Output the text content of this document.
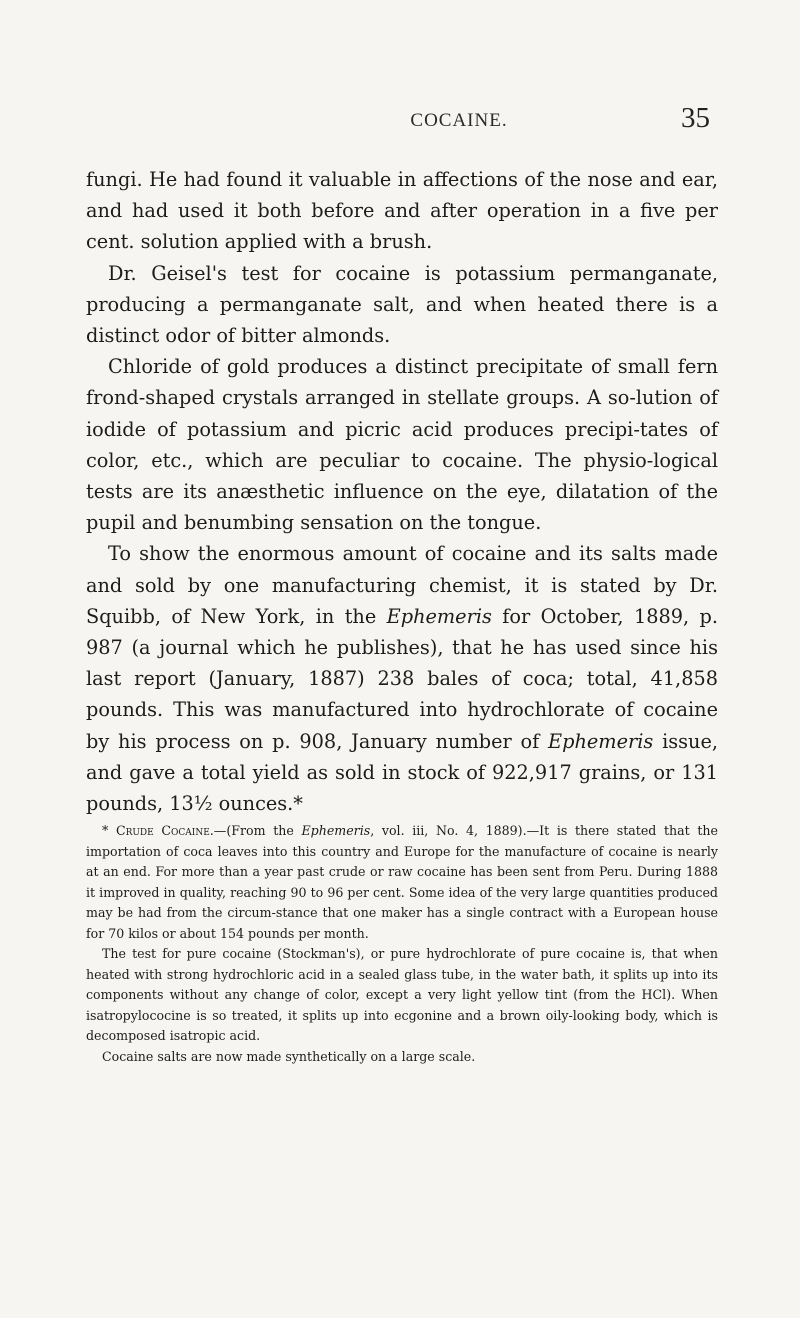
COCAINE.	35

fungi. He had found it valuable in affections of the nose and ear, and had used it both before and after operation in a five per cent. solution applied with a brush.

Dr. Geisel's test for cocaine is potassium permanganate, producing a permanganate salt, and when heated there is a distinct odor of bitter almonds.

Chloride of gold produces a distinct precipitate of small fern frond-shaped crystals arranged in stellate groups. A so-lution of iodide of potassium and picric acid produces precipi-tates of color, etc., which are peculiar to cocaine. The physio-logical tests are its anæsthetic influence on the eye, dilatation of the pupil and benumbing sensation on the tongue.

To show the enormous amount of cocaine and its salts made and sold by one manufacturing chemist, it is stated by Dr. Squibb, of New York, in the Ephemeris for October, 1889, p. 987 (a journal which he publishes), that he has used since his last report (January, 1887) 238 bales of coca; total, 41,858 pounds. This was manufactured into hydrochlorate of cocaine by his process on p. 908, January number of Ephemeris issue, and gave a total yield as sold in stock of 922,917 grains, or 131 pounds, 13½ ounces.*

* Crude Cocaine.—(From the Ephemeris, vol. iii, No. 4, 1889).—It is there stated that the importation of coca leaves into this country and Europe for the manufacture of cocaine is nearly at an end. For more than a year past crude or raw cocaine has been sent from Peru. During 1888 it improved in quality, reaching 90 to 96 per cent. Some idea of the very large quantities produced may be had from the circum-stance that one maker has a single contract with a European house for 70 kilos or about 154 pounds per month.

The test for pure cocaine (Stockman's), or pure hydrochlorate of pure cocaine is, that when heated with strong hydrochloric acid in a sealed glass tube, in the water bath, it splits up into its components without any change of color, except a very light yellow tint (from the HCl). When isatropylococine is so treated, it splits up into ecgonine and a brown oily-looking body, which is decomposed isatropic acid.

Cocaine salts are now made synthetically on a large scale.
